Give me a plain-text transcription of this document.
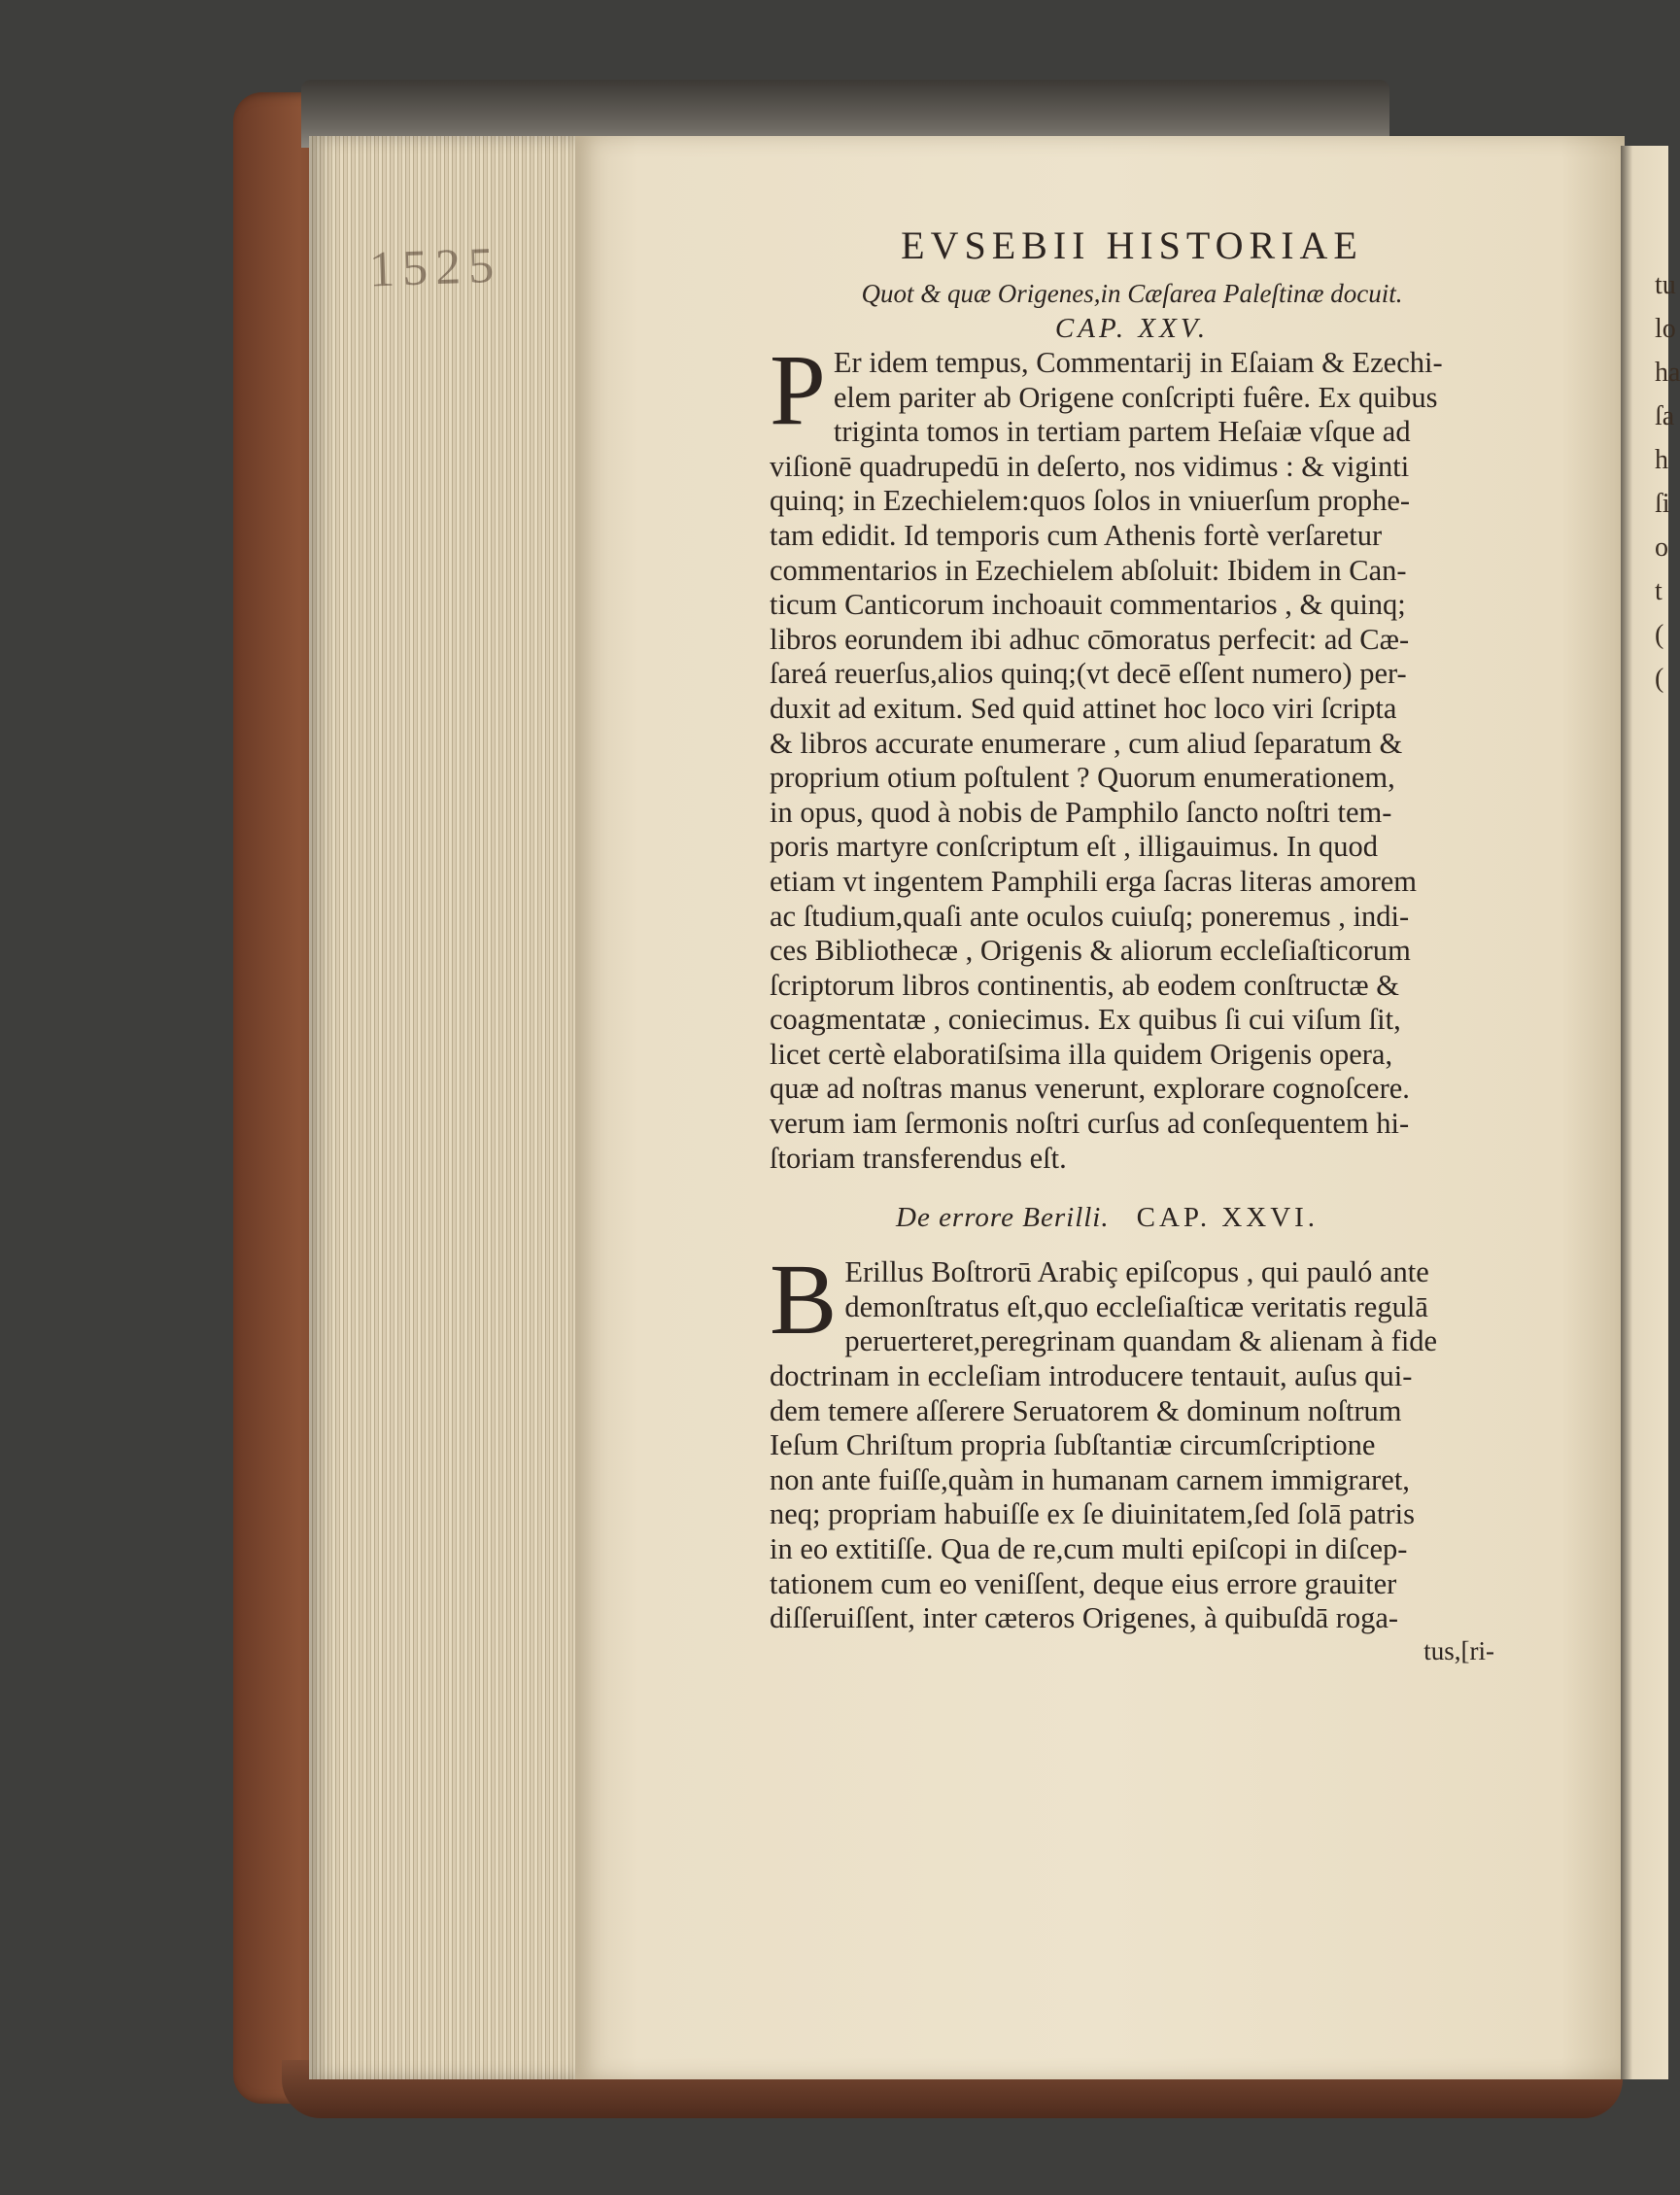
1525	tu
lo
ha
ſa
h
ſi
o
t
(
(
EVSEBII HISTORIAE
Quot & quæ Origenes,in Cæſarea Paleſtinæ docuit.
CAP. XXV.
P Er idem tempus, Commentarij in Eſaiam & Ezechi-
elem pariter ab Origene conſcripti fuêre. Ex quibus
triginta tomos in tertiam partem Heſaiæ vſque ad
viſionē quadrupedū in deſerto, nos vidimus : & viginti
quinq; in Ezechielem:quos ſolos in vniuerſum prophe-
tam edidit. Id temporis cum Athenis fortè verſaretur
commentarios in Ezechielem abſoluit: Ibidem in Can-
ticum Canticorum inchoauit commentarios , & quinq;
libros eorundem ibi adhuc cōmoratus perfecit: ad Cæ-
ſareá reuerſus,alios quinq;(vt decē eſſent numero) per-
duxit ad exitum. Sed quid attinet hoc loco viri ſcripta
& libros accurate enumerare , cum aliud ſeparatum &
proprium otium poſtulent ? Quorum enumerationem,
in opus, quod à nobis de Pamphilo ſancto noſtri tem-
poris martyre conſcriptum eſt , illigauimus. In quod
etiam vt ingentem Pamphili erga ſacras literas amorem
ac ſtudium,quaſi ante oculos cuiuſq; poneremus , indi-
ces Bibliothecæ , Origenis & aliorum eccleſiaſticorum
ſcriptorum libros continentis, ab eodem conſtructæ &
coagmentatæ , coniecimus. Ex quibus ſi cui viſum ſit,
licet certè elaboratiſsima illa quidem Origenis opera,
quæ ad noſtras manus venerunt, explorare cognoſcere.
verum iam ſermonis noſtri curſus ad conſequentem hi-
ſtoriam transferendus eſt.
De errore Berilli. CAP. XXVI.
B Erillus Boſtrorū Arabiç epiſcopus , qui pauló ante
demonſtratus eſt,quo eccleſiaſticæ veritatis regulā
peruerteret,peregrinam quandam & alienam à fide
doctrinam in eccleſiam introducere tentauit, auſus qui-
dem temere aſſerere Seruatorem & dominum noſtrum
Ieſum Chriſtum propria ſubſtantiæ circumſcriptione
non ante fuiſſe,quàm in humanam carnem immigraret,
neq; propriam habuiſſe ex ſe diuinitatem,ſed ſolā patris
in eo extitiſſe. Qua de re,cum multi epiſcopi in diſcep-
tationem cum eo veniſſent, deque eius errore grauiter
diſſeruiſſent, inter cæteros Origenes, à quibuſdā roga-
tus,[ri-
